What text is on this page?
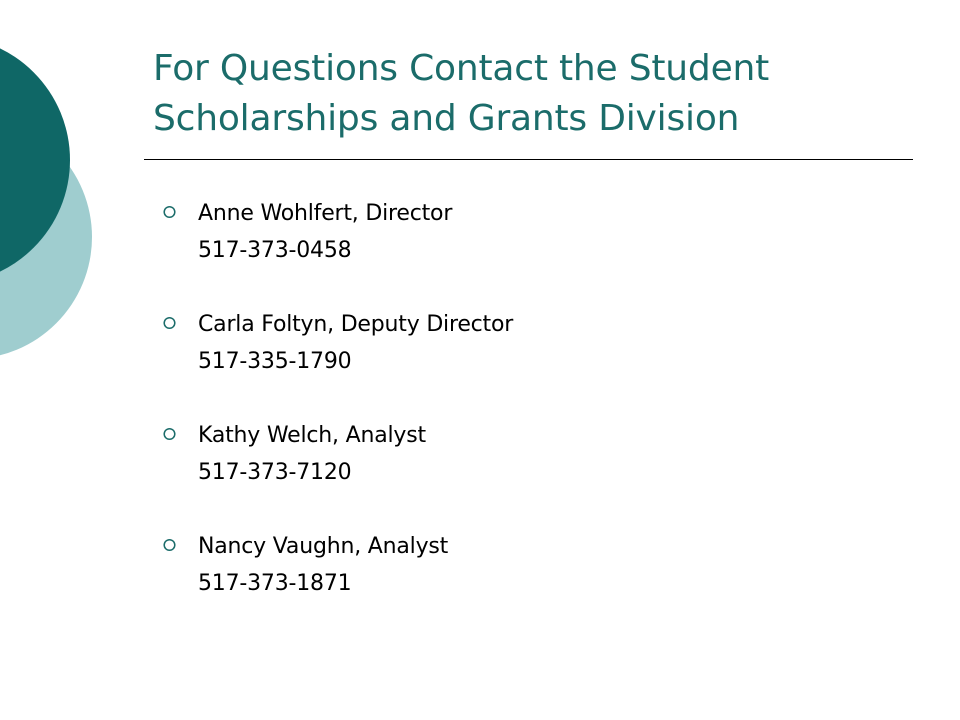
For Questions Contact the Student
Scholarships and Grants Division
Anne Wohlfert, Director
517-373-0458
Carla Foltyn, Deputy Director
517-335-1790
Kathy Welch, Analyst
517-373-7120
Nancy Vaughn, Analyst
517-373-1871
